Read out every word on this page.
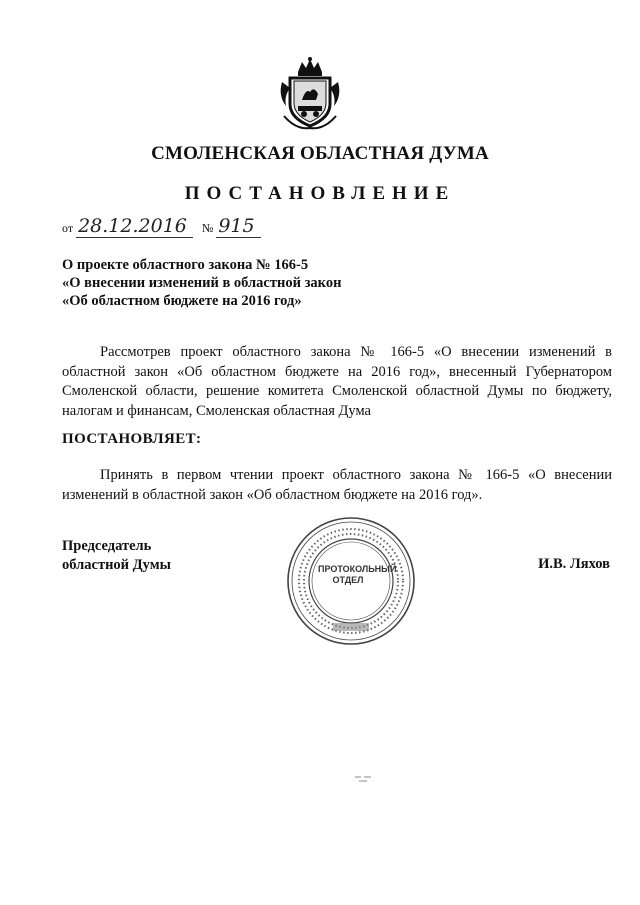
СМОЛЕНСКАЯ ОБЛАСТНАЯ ДУМА
ПОСТАНОВЛЕНИЕ
от 28.12.2016 № 915
О проекте областного закона № 166-5
«О внесении изменений в областной закон
«Об областном бюджете на 2016 год»
Рассмотрев проект областного закона № 166-5 «О внесении изменений в областной закон «Об областном бюджете на 2016 год», внесенный Губернатором Смоленской области, решение комитета Смоленской областной Думы по бюджету, налогам и финансам, Смоленская областная Дума
ПОСТАНОВЛЯЕТ:
Принять в первом чтении проект областного закона № 166-5 «О внесении изменений в областной закон «Об областном бюджете на 2016 год».
Председатель
областной Думы	И.В. Ляхов
ПРОТОКОЛЬНЫЙ
ОТДЕЛ
